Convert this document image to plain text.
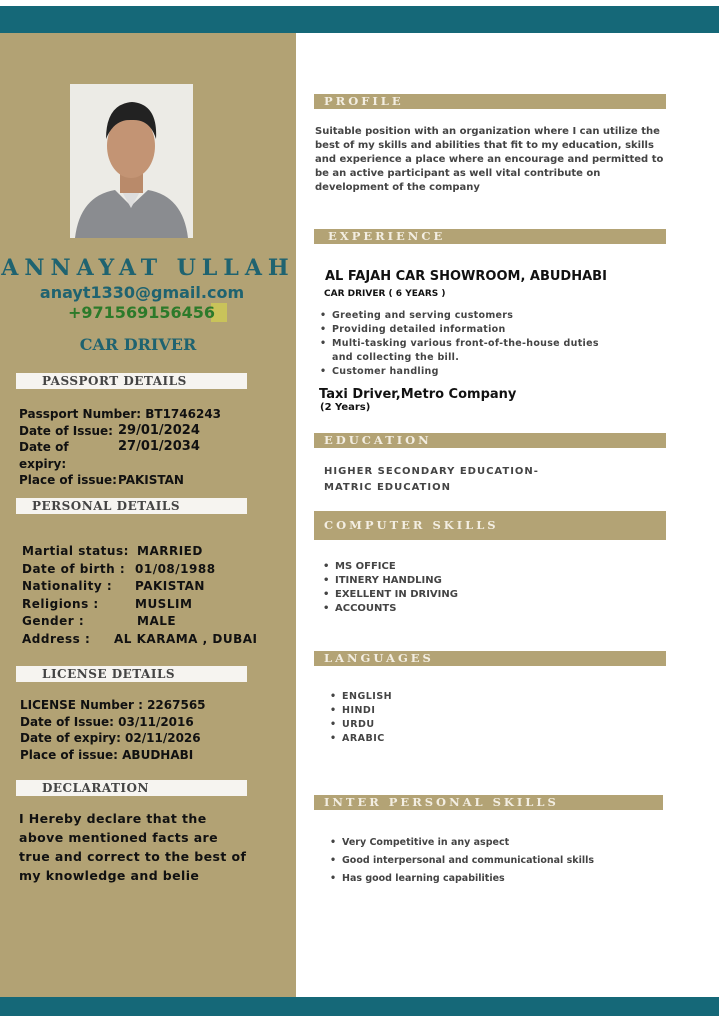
ANNAYAT ULLAH
anayt1330@gmail.com
+971569156456
CAR DRIVER
PASSPORT DETAILS
Passport Number:
BT1746243
Date of Issue: 29/01/2024
Date of expiry:
27/01/2034
Place of issue: PAKISTAN
PERSONAL DETAILS
Martial status: MARRIED
Date of birth : 01/08/1988
Nationality :	PAKISTAN
Religions :	MUSLIM
Gender :	MALE
Address :	AL KARAMA , DUBAI
LICENSE DETAILS
LICENSE Number : 2267565
Date of Issue: 03/11/2016
Date of expiry: 02/11/2026
Place of issue: ABUDHABI
DECLARATION
I Hereby declare that the above mentioned facts are true and correct to the best of my knowledge and belie
PROFILE
Suitable position with an organization where I can utilize the best of my skills and abilities that fit to my education, skills and experience a place where an encourage and permitted to be an active participant as well vital contribute on development of the company
EXPERIENCE
AL FAJAH CAR SHOWROOM, ABUDHABI
CAR DRIVER ( 6 YEARS )
• Greeting and serving customers
• Providing detailed information
• Multi-tasking various front-of-the-house duties and collecting the bill.
• Customer handling
Taxi Driver,Metro Company
(2 Years)
EDUCATION
HIGHER SECONDARY EDUCATION-
MATRIC EDUCATION
COMPUTER SKILLS
• MS OFFICE
• ITINERY HANDLING
• EXELLENT IN DRIVING
• ACCOUNTS
LANGUAGES
• ENGLISH
• HINDI
• URDU
• ARABIC
INTER PERSONAL SKILLS
• Very Competitive in any aspect
• Good interpersonal and communicational skills
• Has good learning capabilities
